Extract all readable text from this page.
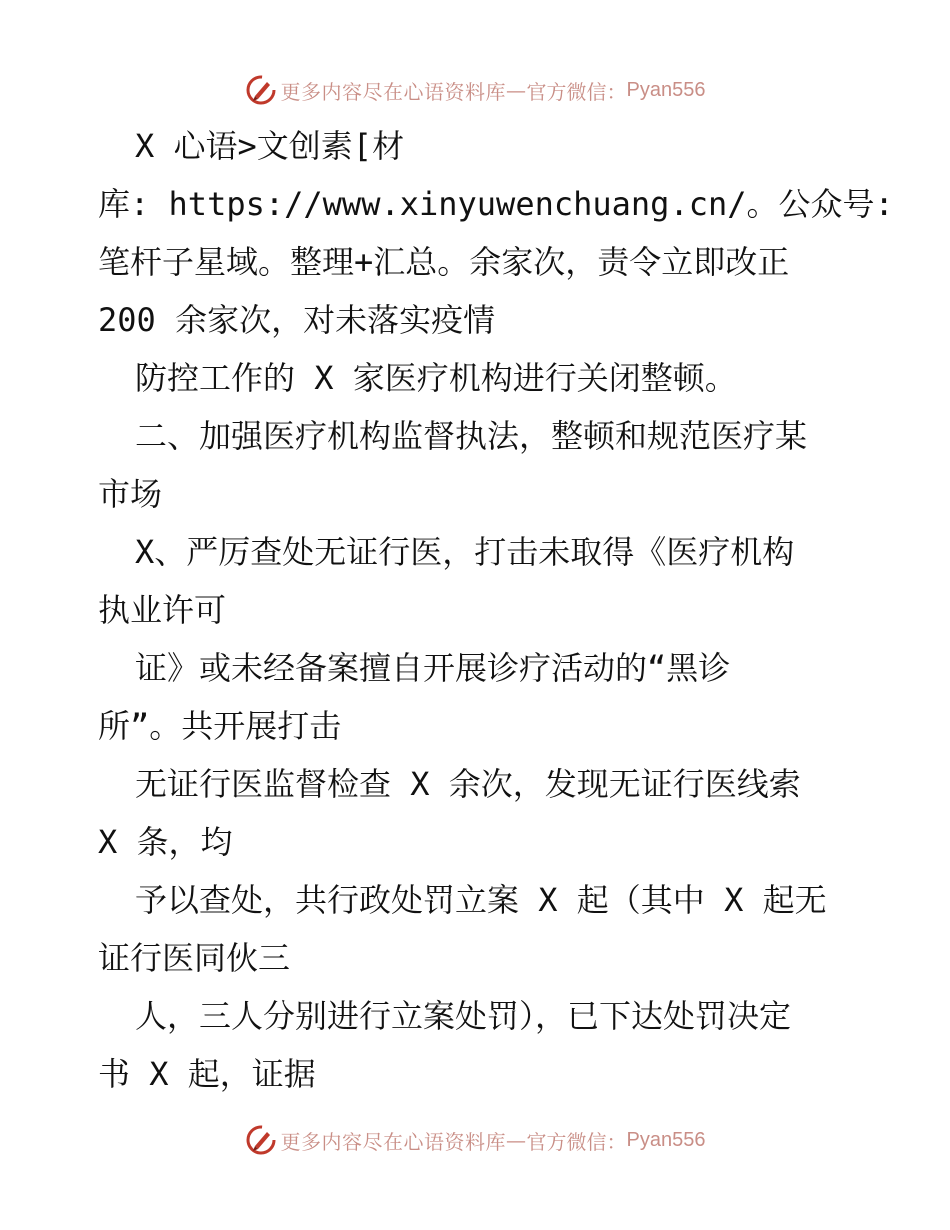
更多内容尽在心语资料库 — 官方微信： Pyan556
X 心语>文创素[材
库: https://www.xinyuwenchuang.cn/。公众号:
笔杆子星域。整理+汇总。余家次，责令立即改正
200 余家次，对未落实疫情
防控工作的 X 家医疗机构进行关闭整顿。
二、加强医疗机构监督执法，整顿和规范医疗某
市场
X、严厉查处无证行医，打击未取得《医疗机构
执业许可
证》或未经备案擅自开展诊疗活动的“黑诊
所”。共开展打击
无证行医监督检查 X 余次，发现无证行医线索
X 条，均
予以查处，共行政处罚立案 X 起（其中 X 起无
证行医同伙三
人，三人分别进行立案处罚），已下达处罚决定
书 X 起，证据
更多内容尽在心语资料库 — 官方微信： Pyan556
